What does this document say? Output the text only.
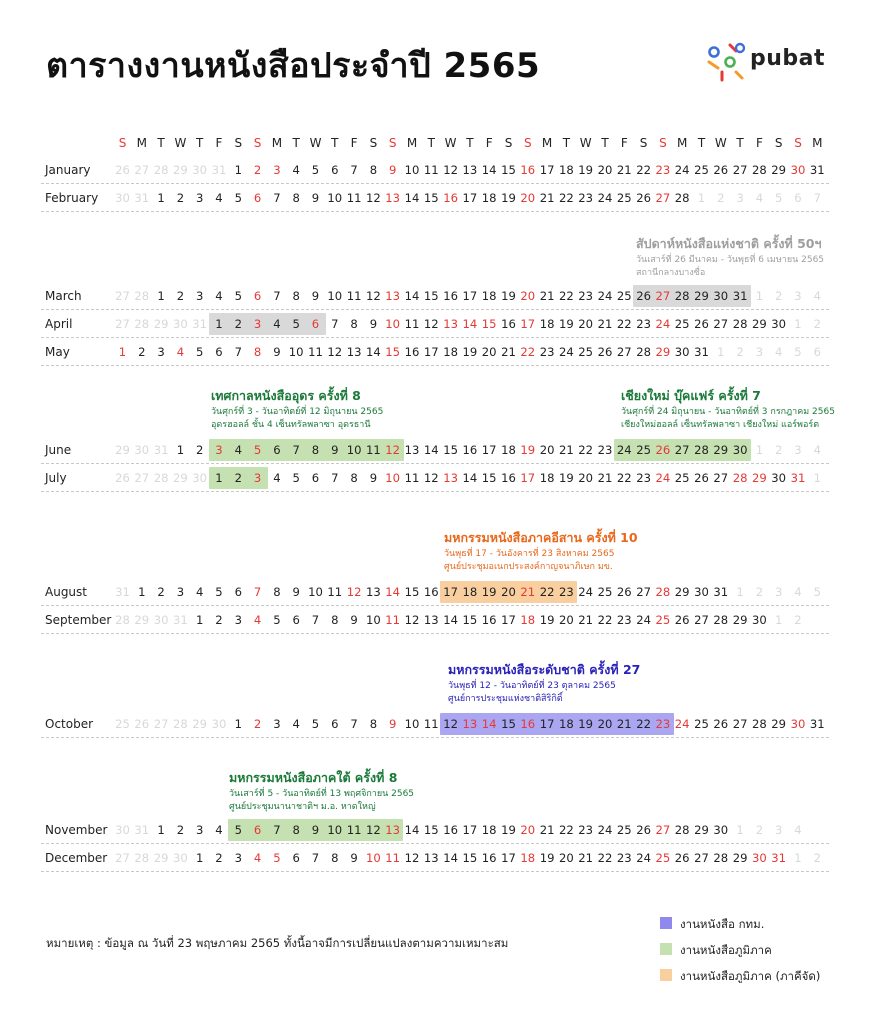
ตารางงานหนังสือประจำปี 2565	pubat
S M T W T	F	S S M T W T	F	S S M T W T	F	S S M T W T	F	S S M T W T	F	S S M
January 26 27 28 29 30 31 1	2	3	4	5	6	7	8	9 10 11 12 13 14 15 16 17 18 19 20 21 22 23 24 25 26 27 28 29 30 31
February 30 31 1	2	3	4	5	6	7	8	9 10 11 12 13 14 15 16 17 18 19 20 21 22 23 24 25 26 27 28 1	2	3	4	5	6	7
March	27 28 1	2	3	4	5	6	7	8	9 10 11 12 13 14 15 16 17 18 19 20 21 22 23 24 25 26 27 28 29 30 31 1	2	3	4
April	27 28 29 30 31 1	2	3	4	5	6	7	8	9 10 11 12 13 14 15 16 17 18 19 20 21 22 23 24 25 26 27 28 29 30 1	2
May	1	2	3	4	5	6	7	8	9 10 11 12 13 14 15 16 17 18 19 20 21 22 23 24 25 26 27 28 29 30 31 1	2	3	4	5	6
June	29 30 31 1	2	3	4	5	6	7	8	9 10 11 12 13 14 15 16 17 18 19 20 21 22 23 24 25 26 27 28 29 30 1	2	3	4
July	26 27 28 29 30 1	2	3	4	5	6	7	8	9 10 11 12 13 14 15 16 17 18 19 20 21 22 23 24 25 26 27 28 29 30 31 1
August 31 1	2	3	4	5	6	7	8	9 10 11 12 13 14 15 16 17 18 19 20 21 22 23 24 25 26 27 28 29 30 31 1	2	3	4	5
September 28 29 30 31 1	2	3	4	5	6	7	8	9 10 11 12 13 14 15 16 17 18 19 20 21 22 23 24 25 26 27 28 29 30 1	2
October 25 26 27 28 29 30 1	2	3	4	5	6	7	8	9 10 11 12 13 14 15 16 17 18 19 20 21 22 23 24 25 26 27 28 29 30 31
November 30 31 1	2	3	4	5	6	7	8	9 10 11 12 13 14 15 16 17 18 19 20 21 22 23 24 25 26 27 28 29 30 1	2	3	4
December 27 28 29 30 1	2	3	4	5	6	7	8	9 10 11 12 13 14 15 16 17 18 19 20 21 22 23 24 25 26 27 28 29 30 31 1	2
สัปดาห์หนังสือแห่งชาติ ครั้งที่ 50ฯ
วันเสาร์ที่ 26 มีนาคม - วันพุธที่ 6 เมษายน 2565
สถานีกลางบางซื่อ
เทศกาลหนังสืออุดร ครั้งที่ 8
วันศุกร์ที่ 3 - วันอาทิตย์ที่ 12 มิถุนายน 2565
อุดรฮอลล์ ชั้น 4 เซ็นทรัลพลาซา อุดรธานี
เชียงใหม่ บุ๊คแฟร์ ครั้งที่ 7
วันศุกร์ที่ 24 มิถุนายน - วันอาทิตย์ที่ 3 กรกฎาคม 2565
เชียงใหม่ฮอลล์ เซ็นทรัลพลาซา เชียงใหม่ แอร์พอร์ต
มหกรรมหนังสือภาคอีสาน ครั้งที่ 10
วันพุธที่ 17 - วันอังคารที่ 23 สิงหาคม 2565
ศูนย์ประชุมอเนกประสงค์กาญจนาภิเษก มข.
มหกรรมหนังสือระดับชาติ ครั้งที่ 27
วันพุธที่ 12 - วันอาทิตย์ที่ 23 ตุลาคม 2565
ศูนย์การประชุมแห่งชาติสิริกิติ์
มหกรรมหนังสือภาคใต้ ครั้งที่ 8
วันเสาร์ที่ 5 - วันอาทิตย์ที่ 13 พฤศจิกายน 2565
ศูนย์ประชุมนานาชาติฯ ม.อ. หาดใหญ่
หมายเหตุ : ข้อมูล ณ วันที่ 23 พฤษภาคม 2565 ทั้งนี้อาจมีการเปลี่ยนแปลงตามความเหมาะสม
งานหนังสือ กทม.
งานหนังสือภูมิภาค
งานหนังสือภูมิภาค (ภาคีจัด)
